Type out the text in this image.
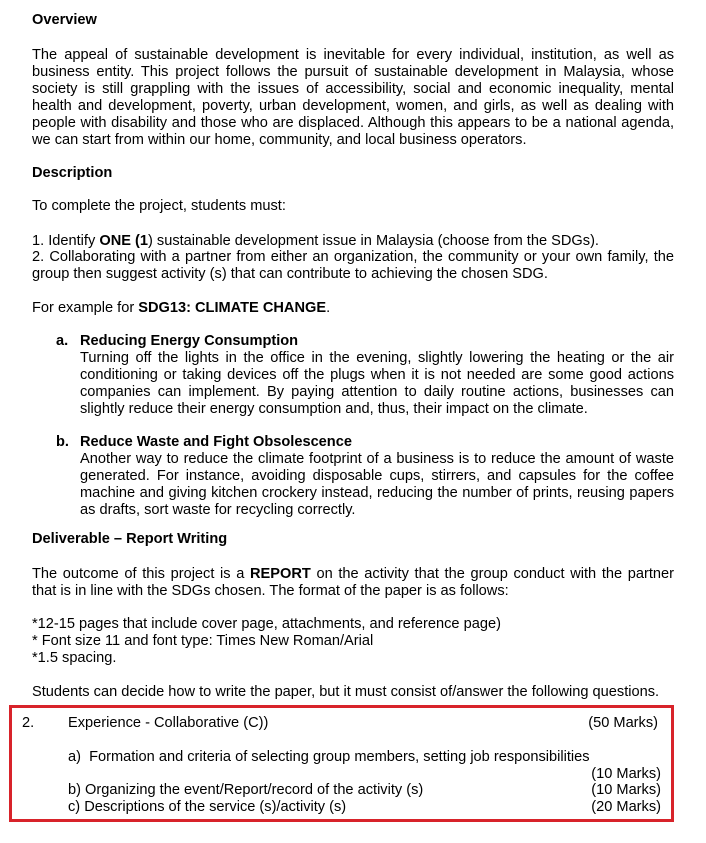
Overview

The appeal of sustainable development is inevitable for every individual, institution, as well as business entity. This project follows the pursuit of sustainable development in Malaysia, whose society is still grappling with the issues of accessibility, social and economic inequality, mental health and development, poverty, urban development, women, and girls, as well as dealing with people with disability and those who are displaced. Although this appears to be a national agenda, we can start from within our home, community, and local business operators.

Description
To complete the project, students must:
1. Identify ONE (1) sustainable development issue in Malaysia (choose from the SDGs).

2. Collaborating with a partner from either an organization, the community or your own family, the group then suggest activity (s) that can contribute to achieving the chosen SDG.

For example for SDG13: CLIMATE CHANGE.
a. Reducing Energy Consumption

Turning off the lights in the office in the evening, slightly lowering the heating or the air conditioning or taking devices off the plugs when it is not needed are some good actions companies can implement. By paying attention to daily routine actions, businesses can slightly reduce their energy consumption and, thus, their impact on the climate.

b. Reduce Waste and Fight Obsolescence

Another way to reduce the climate footprint of a business is to reduce the amount of waste generated. For instance, avoiding disposable cups, stirrers, and capsules for the coffee machine and giving kitchen crockery instead, reducing the number of prints, reusing papers as drafts, sort waste for recycling correctly.

Deliverable – Report Writing

The outcome of this project is a REPORT on the activity that the group conduct with the partner that is in line with the SDGs chosen. The format of the paper is as follows:

*12-15 pages that include cover page, attachments, and reference page)
* Font size 11 and font type: Times New Roman/Arial
*1.5 spacing.
Students can decide how to write the paper, but it must consist of/answer the following questions.
2. Experience - Collaborative (C))	(50 Marks)
a)  Formation and criteria of selecting group members, setting job responsibilities
(10 Marks)
b) Organizing the event/Report/record of the activity (s)	(10 Marks)
c) Descriptions of the service (s)/activity (s)	(20 Marks)
